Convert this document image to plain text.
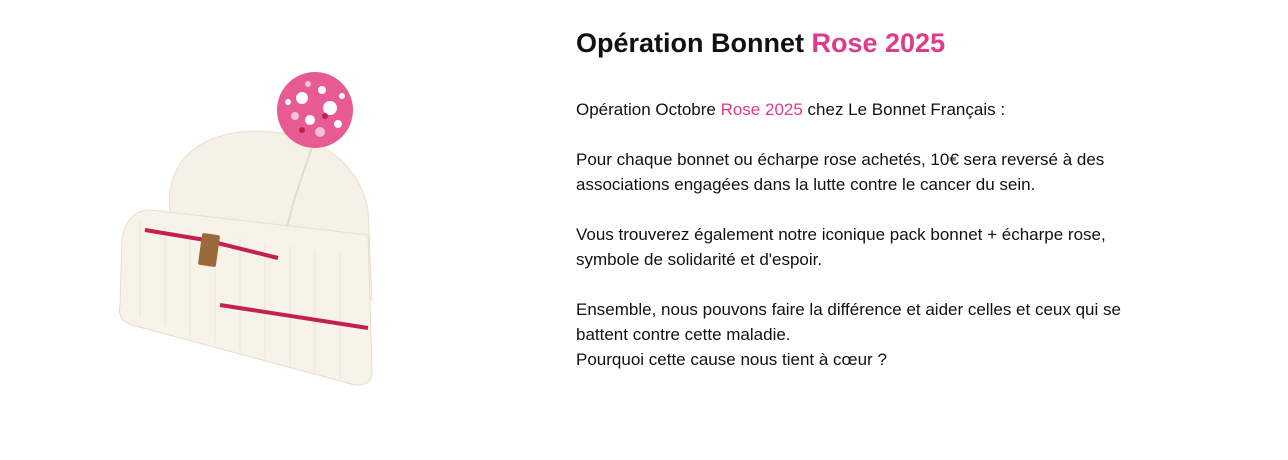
Opération Bonnet Rose 2025

Opération Octobre Rose 2025 chez Le Bonnet Français :

Pour chaque bonnet ou écharpe rose achetés, 10€ sera reversé à des
associations engagées dans la lutte contre le cancer du sein.

Vous trouverez également notre iconique pack bonnet + écharpe rose,
symbole de solidarité et d'espoir.

Ensemble, nous pouvons faire la différence et aider celles et ceux qui se
battent contre cette maladie.
Pourquoi cette cause nous tient à cœur ?
